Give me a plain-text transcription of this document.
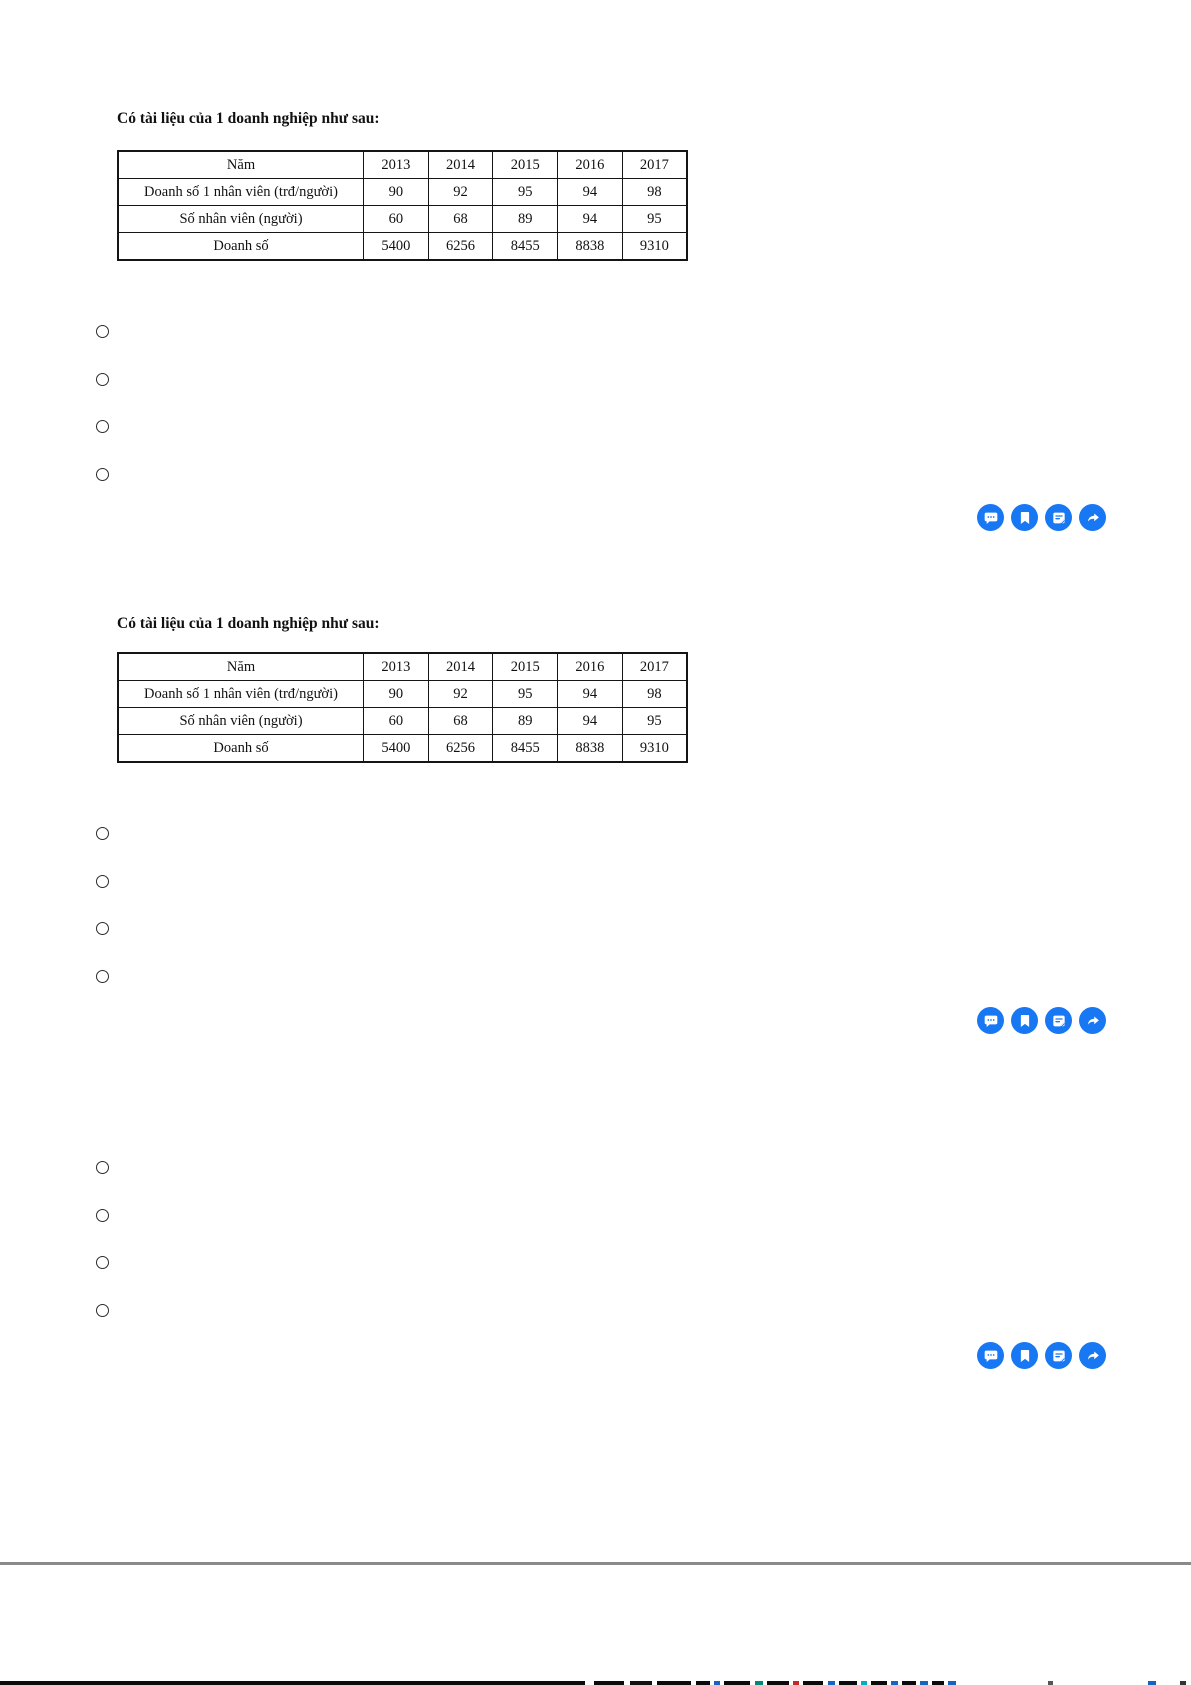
Có tài liệu của 1 doanh nghiệp như sau:
Năm	2013	2014	2015	2016	2017
Doanh số 1 nhân viên (trđ/người)	90	92	95	94	98
Số nhân viên (người)	60	68	89	94	95
Doanh số	5400	6256	8455	8838	9310
Có tài liệu của 1 doanh nghiệp như sau:
Năm	2013	2014	2015	2016	2017
Doanh số 1 nhân viên (trđ/người)	90	92	95	94	98
Số nhân viên (người)	60	68	89	94	95
Doanh số	5400	6256	8455	8838	9310
